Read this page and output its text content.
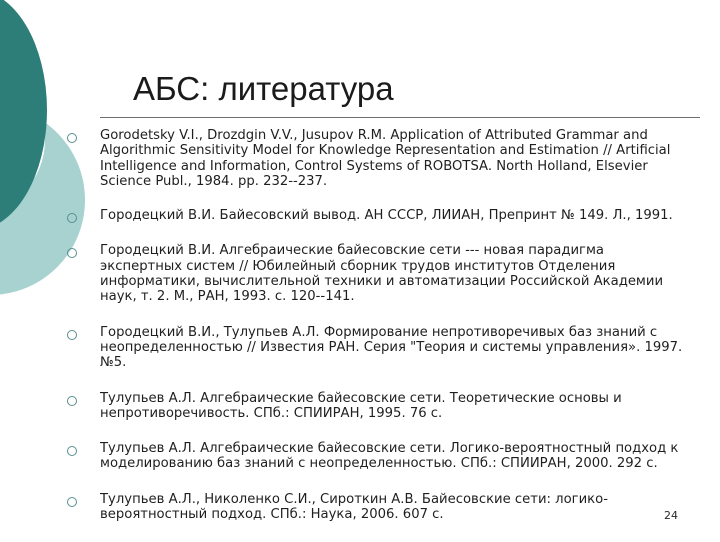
АБС: литература

Gorodetsky V.I., Drozdgin V.V., Jusupov R.M. Application of Attributed Grammar and Algorithmic Sensitivity Model for Knowledge Representation and Estimation // Artificial Intelligence and Information, Control Systems of ROBOTSA. North Holland, Elsevier Science Publ., 1984. pp. 232--237.

Городецкий В.И. Байесовский вывод. АН СССР, ЛИИАН, Препринт № 149. Л., 1991.

Городецкий В.И. Алгебраические байесовские сети --- новая парадигма экспертных систем // Юбилейный сборник трудов институтов Отделения информатики, вычислительной техники и автоматизации Российской Академии наук, т. 2. М., РАН, 1993. с. 120--141.

Городецкий В.И., Тулупьев А.Л. Формирование непротиворечивых баз знаний с неопределенностью // Известия РАН. Серия "Теория и системы управления». 1997. №5.

Тулупьев А.Л. Алгебраические байесовские сети. Теоретические основы и непротиворечивость. СПб.: СПИИРАН, 1995. 76 с.

Тулупьев А.Л. Алгебраические байесовские сети. Логико-вероятностный подход к моделированию баз знаний с неопределенностью. СПб.: СПИИРАН, 2000. 292 с.

Тулупьев А.Л., Николенко С.И., Сироткин А.В. Байесовские сети: логико-вероятностный подход. СПб.: Наука, 2006. 607 с.	24
